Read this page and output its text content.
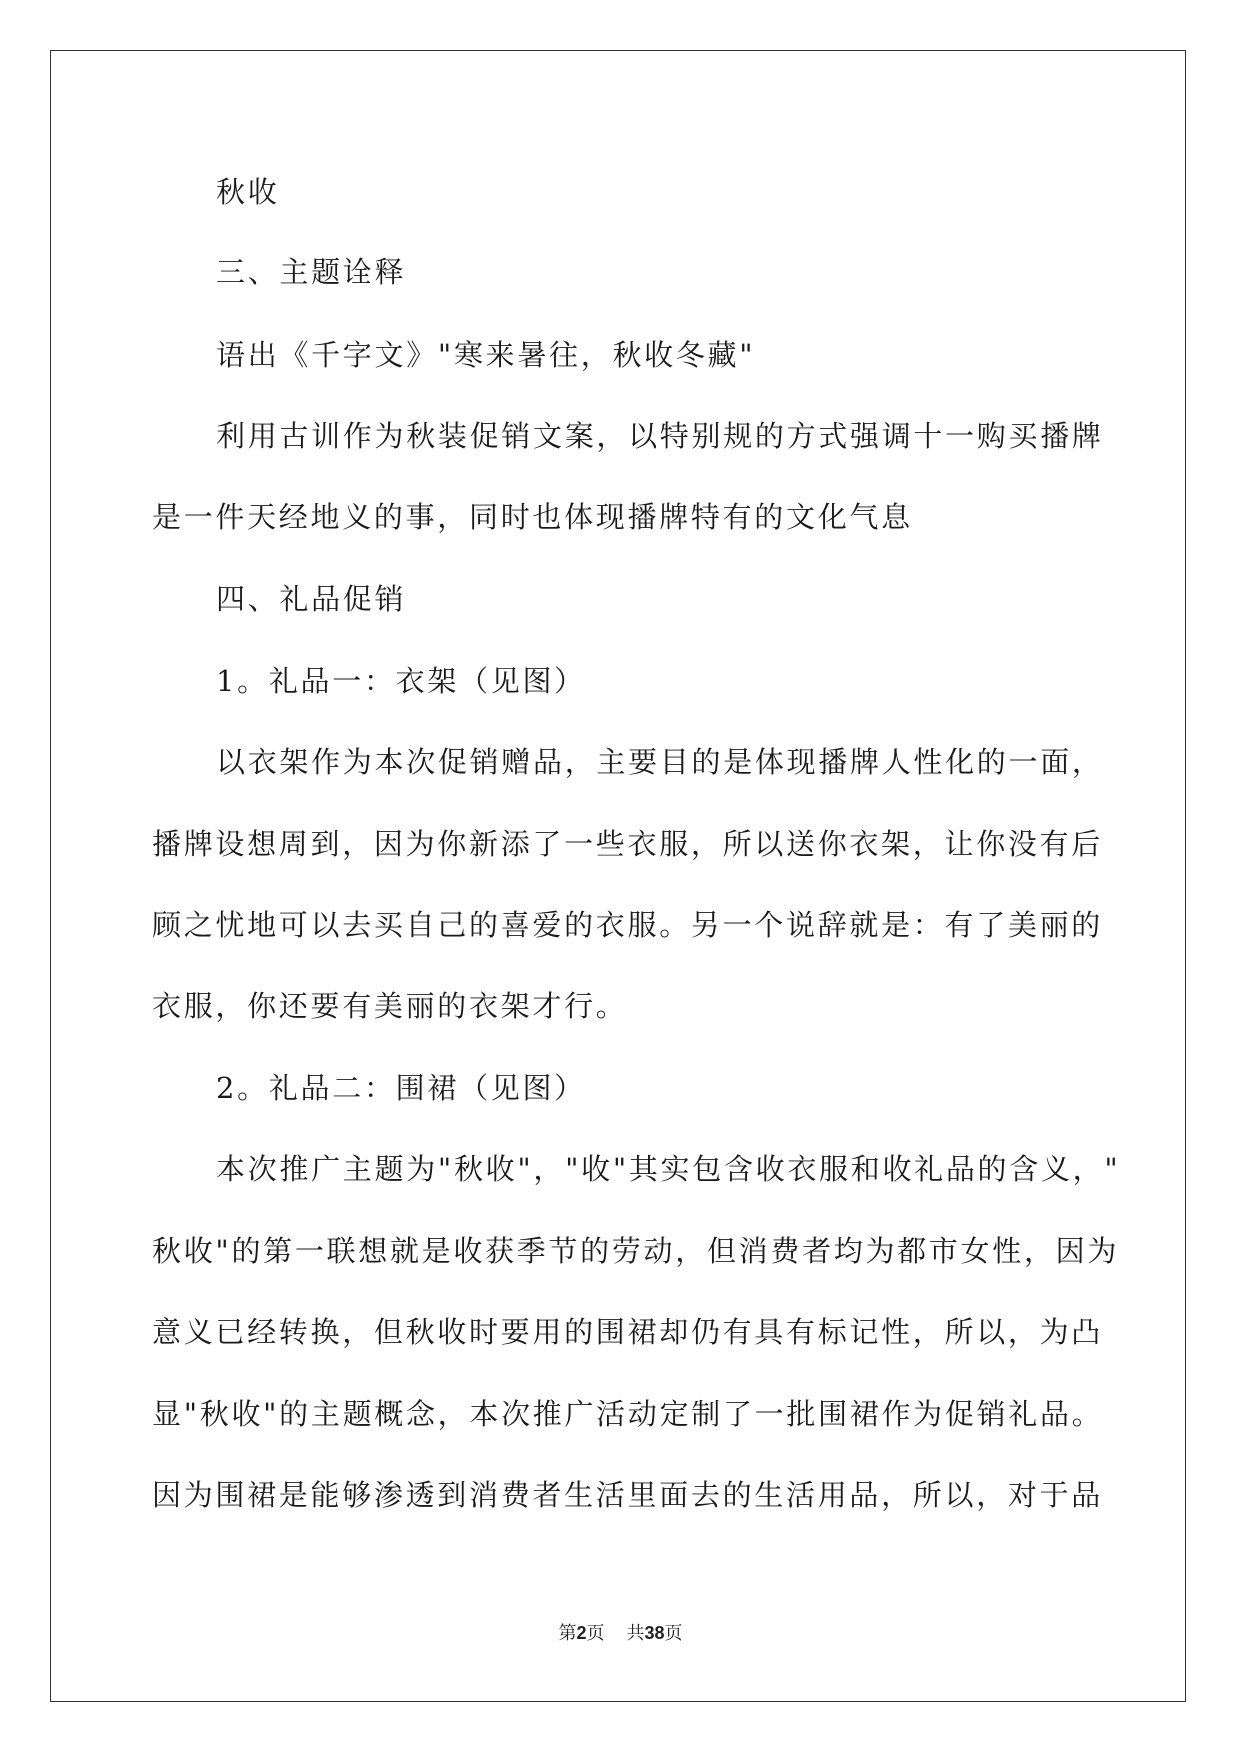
秋收
三、主题诠释
语出《千字文》"寒来暑往，秋收冬藏"
利用古训作为秋装促销文案，以特别规的方式强调十一购买播牌
是一件天经地义的事，同时也体现播牌特有的文化气息
四、礼品促销
1。礼品一：衣架（见图）
以衣架作为本次促销赠品，主要目的是体现播牌人性化的一面，
播牌设想周到，因为你新添了一些衣服，所以送你衣架，让你没有后
顾之忧地可以去买自己的喜爱的衣服。另一个说辞就是：有了美丽的
衣服，你还要有美丽的衣架才行。
2。礼品二：围裙（见图）
本次推广主题为"秋收"，"收"其实包含收衣服和收礼品的含义，"
秋收"的第一联想就是收获季节的劳动，但消费者均为都市女性，因为
意义已经转换，但秋收时要用的围裙却仍有具有标记性，所以，为凸
显"秋收"的主题概念，本次推广活动定制了一批围裙作为促销礼品。
因为围裙是能够渗透到消费者生活里面去的生活用品，所以，对于品
第2页 共38页
